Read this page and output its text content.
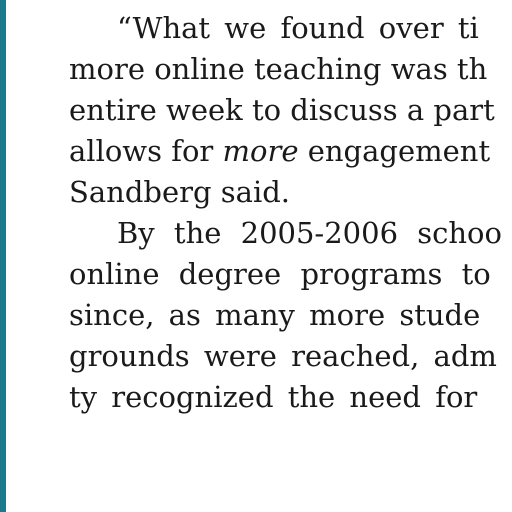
“What we found over ti
more online teaching was th
entire week to discuss a part
allows for more engagement
Sandberg said.
By the 2005-2006 schoo
online degree programs to
since, as many more stude
grounds were reached, adm
ty recognized the need for
